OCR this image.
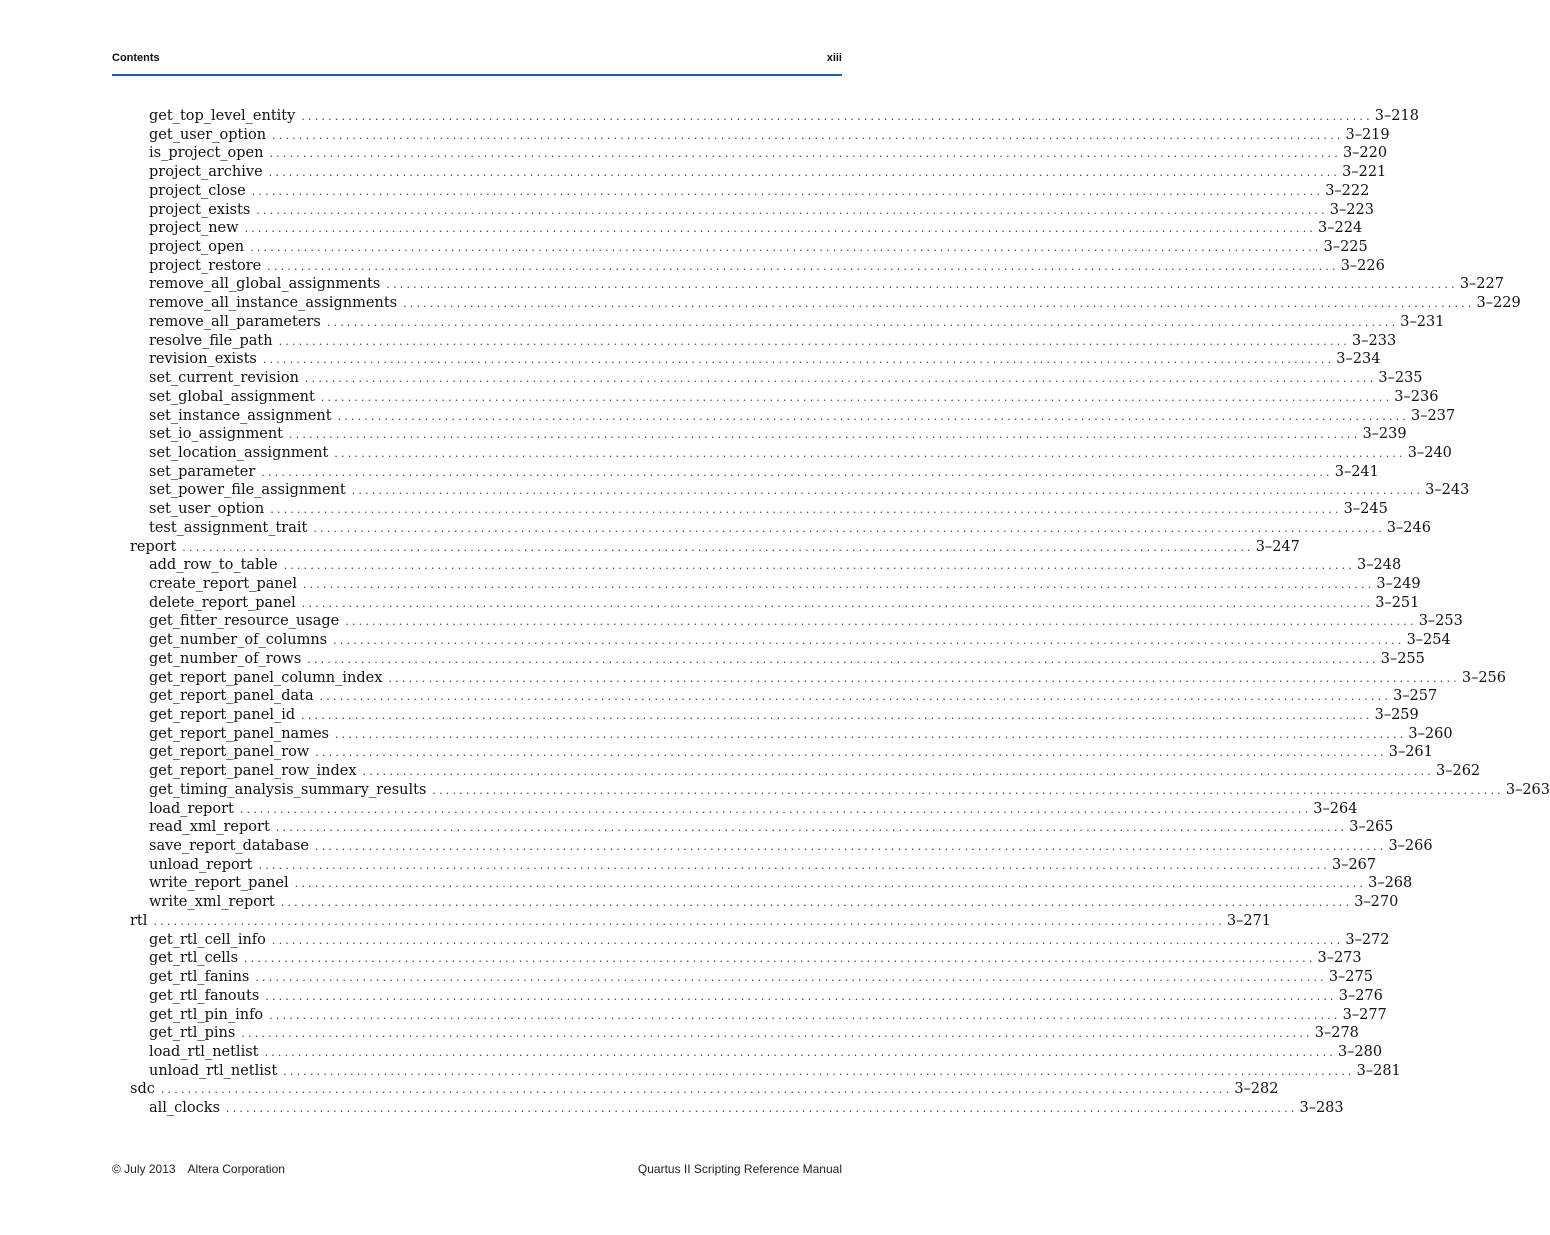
Contents	xiii
get_top_level_entity ................................................................................................................................................................ 3–218
get_user_option ................................................................................................................................................................ 3–219
is_project_open ................................................................................................................................................................ 3–220
project_archive ................................................................................................................................................................ 3–221
project_close ................................................................................................................................................................ 3–222
project_exists ................................................................................................................................................................ 3–223
project_new ................................................................................................................................................................ 3–224
project_open ................................................................................................................................................................ 3–225
project_restore ................................................................................................................................................................ 3–226
remove_all_global_assignments ................................................................................................................................................................ 3–227
remove_all_instance_assignments ................................................................................................................................................................ 3–229
remove_all_parameters ................................................................................................................................................................ 3–231
resolve_file_path ................................................................................................................................................................ 3–233
revision_exists ................................................................................................................................................................ 3–234
set_current_revision ................................................................................................................................................................ 3–235
set_global_assignment ................................................................................................................................................................ 3–236
set_instance_assignment ................................................................................................................................................................ 3–237
set_io_assignment ................................................................................................................................................................ 3–239
set_location_assignment ................................................................................................................................................................ 3–240
set_parameter ................................................................................................................................................................ 3–241
set_power_file_assignment ................................................................................................................................................................ 3–243
set_user_option ................................................................................................................................................................ 3–245
test_assignment_trait ................................................................................................................................................................ 3–246
report ................................................................................................................................................................ 3–247
add_row_to_table ................................................................................................................................................................ 3–248
create_report_panel ................................................................................................................................................................ 3–249
delete_report_panel ................................................................................................................................................................ 3–251
get_fitter_resource_usage ................................................................................................................................................................ 3–253
get_number_of_columns ................................................................................................................................................................ 3–254
get_number_of_rows ................................................................................................................................................................ 3–255
get_report_panel_column_index ................................................................................................................................................................ 3–256
get_report_panel_data ................................................................................................................................................................ 3–257
get_report_panel_id ................................................................................................................................................................ 3–259
get_report_panel_names ................................................................................................................................................................ 3–260
get_report_panel_row ................................................................................................................................................................ 3–261
get_report_panel_row_index ................................................................................................................................................................ 3–262
get_timing_analysis_summary_results ................................................................................................................................................................ 3–263
load_report ................................................................................................................................................................ 3–264
read_xml_report ................................................................................................................................................................ 3–265
save_report_database ................................................................................................................................................................ 3–266
unload_report ................................................................................................................................................................ 3–267
write_report_panel ................................................................................................................................................................ 3–268
write_xml_report ................................................................................................................................................................ 3–270
rtl ................................................................................................................................................................ 3–271
get_rtl_cell_info ................................................................................................................................................................ 3–272
get_rtl_cells ................................................................................................................................................................ 3–273
get_rtl_fanins ................................................................................................................................................................ 3–275
get_rtl_fanouts ................................................................................................................................................................ 3–276
get_rtl_pin_info ................................................................................................................................................................ 3–277
get_rtl_pins ................................................................................................................................................................ 3–278
load_rtl_netlist ................................................................................................................................................................ 3–280
unload_rtl_netlist ................................................................................................................................................................ 3–281
sdc ................................................................................................................................................................ 3–282
all_clocks ................................................................................................................................................................ 3–283
© July 2013 Altera Corporation	Quartus II Scripting Reference Manual
